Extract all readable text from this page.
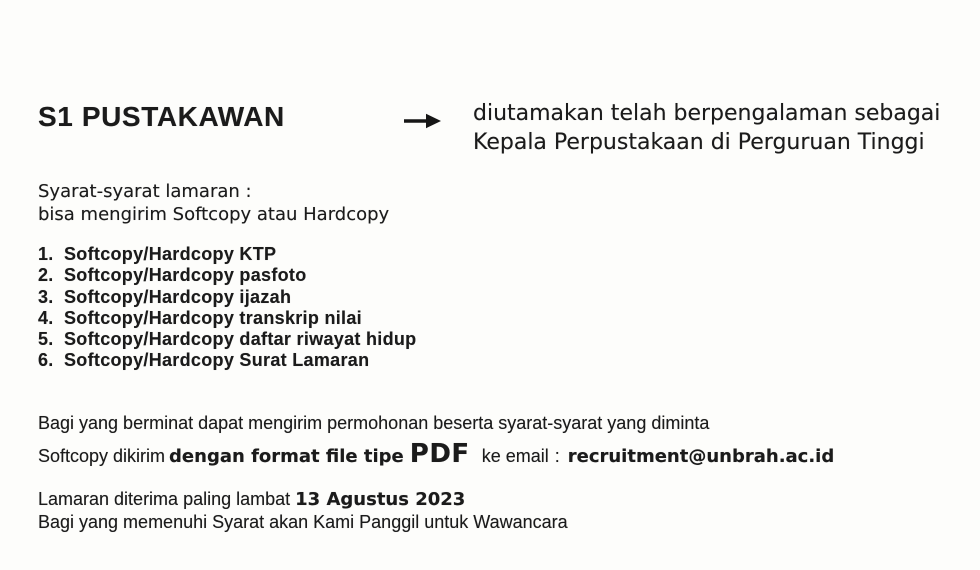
S1 PUSTAKAWAN	diutamakan telah berpengalaman sebagai
Kepala Perpustakaan di Perguruan Tinggi
Syarat-syarat lamaran :
bisa mengirim Softcopy atau Hardcopy
1. Softcopy/Hardcopy KTP
2. Softcopy/Hardcopy pasfoto
3. Softcopy/Hardcopy ijazah
4. Softcopy/Hardcopy transkrip nilai
5. Softcopy/Hardcopy daftar riwayat hidup
6. Softcopy/Hardcopy Surat Lamaran
Bagi yang berminat dapat mengirim permohonan beserta syarat-syarat yang diminta
Softcopy dikirim dengan format file tipe PDF ke email : recruitment@unbrah.ac.id
Lamaran diterima paling lambat 13 Agustus 2023
Bagi yang memenuhi Syarat akan Kami Panggil untuk Wawancara
